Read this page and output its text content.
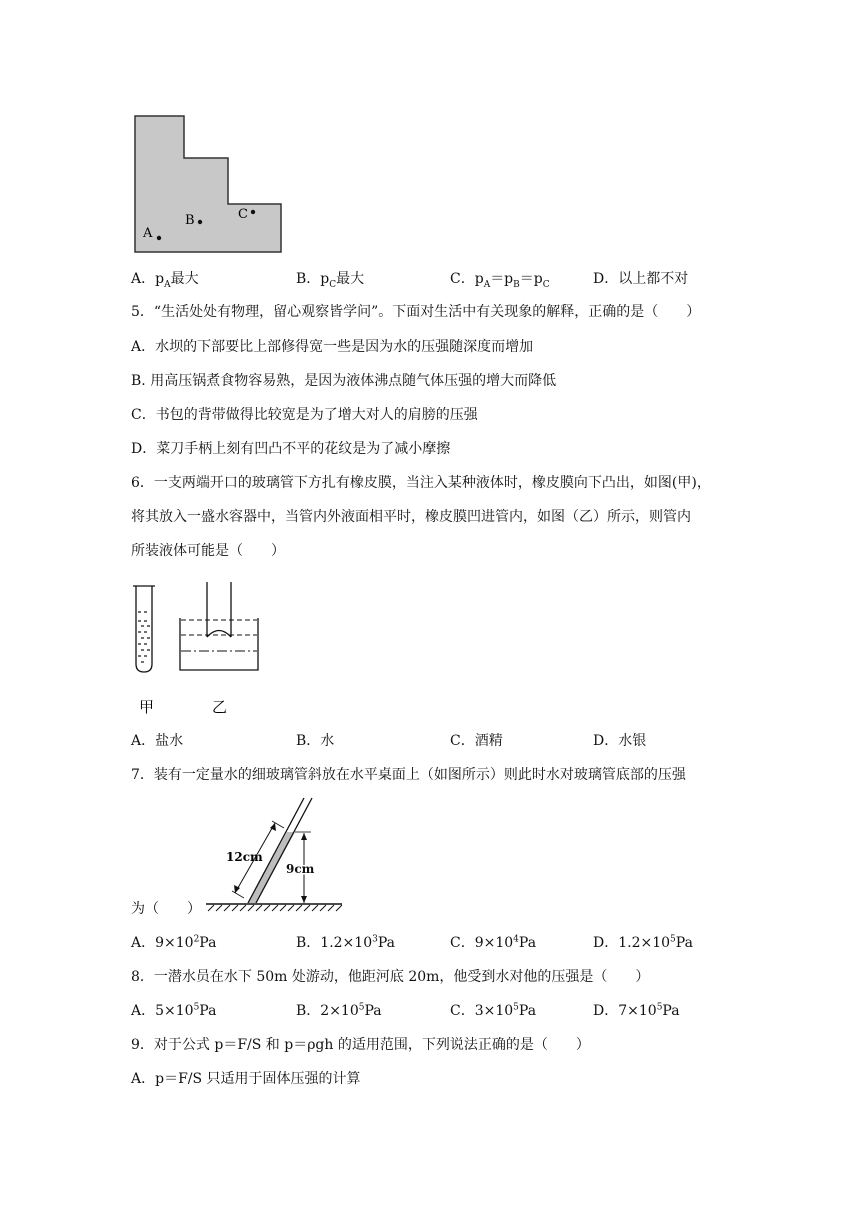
A
B	C
A．$p_A$最大	B．$p_C$最大	C．$p_A=p_B=p_C$	D．以上都不对
5．“生活处处有物理，留心观察皆学问”。下面对生活中有关现象的解释，正确的是（　　）
A．水坝的下部要比上部修得宽一些是因为水的压强随深度而增加
B. 用高压锅煮食物容易熟，是因为液体沸点随气体压强的增大而降低
C．书包的背带做得比较宽是为了增大对人的肩膀的压强
D．菜刀手柄上刻有凹凸不平的花纹是为了减小摩擦
6．一支两端开口的玻璃管下方扎有橡皮膜，当注入某种液体时，橡皮膜向下凸出，如图(甲)，
将其放入一盛水容器中，当管内外液面相平时，橡皮膜凹进管内，如图（乙）所示，则管内
所装液体可能是（　　）
甲	乙
A．盐水	B．水	C．酒精	D．水银
7．装有一定量水的细玻璃管斜放在水平桌面上（如图所示）则此时水对玻璃管底部的压强
12cm
9cm
为（　　）
A．$9\times 10^2Pa$	B．$1.2\times 10^3Pa$	C．$9\times 10^4Pa$	D．$1.2\times 10^5Pa$
8．一潜水员在水下 50m 处游动，他距河底 20m，他受到水对他的压强是（　　）
A．$5\times 10^5Pa$	B．$2\times 10^5Pa$	C．$3\times 10^5Pa$	D．$7\times 10^5Pa$
9．对于公式 p＝F/S 和 p＝ρgh 的适用范围，下列说法正确的是（　　）
A．p＝F/S 只适用于固体压强的计算
